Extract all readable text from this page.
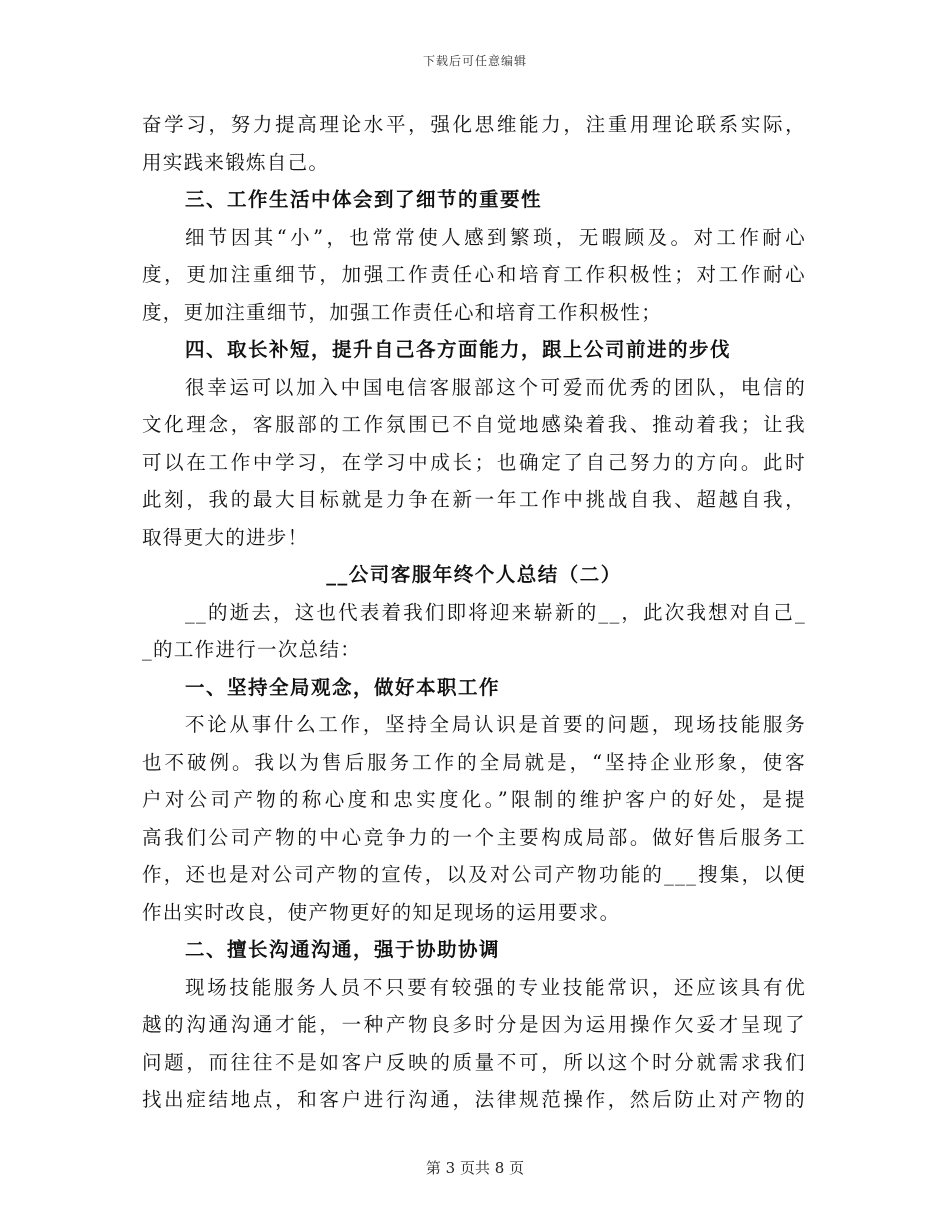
下载后可任意编辑
奋学习，努力提高理论水平，强化思维能力，注重用理论联系实际，
用实践来锻炼自己。
三、工作生活中体会到了细节的重要性
细节因其“小”，也常常使人感到繁琐，无暇顾及。对工作耐心
度，更加注重细节，加强工作责任心和培育工作积极性；对工作耐心
度，更加注重细节，加强工作责任心和培育工作积极性；
四、取长补短，提升自己各方面能力，跟上公司前进的步伐
很幸运可以加入中国电信客服部这个可爱而优秀的团队，电信的
文化理念，客服部的工作氛围已不自觉地感染着我、推动着我；让我
可以在工作中学习，在学习中成长；也确定了自己努力的方向。此时
此刻，我的最大目标就是力争在新一年工作中挑战自我、超越自我，
取得更大的进步！
__公司客服年终个人总结（二）
__的逝去，这也代表着我们即将迎来崭新的__，此次我想对自己_
_的工作进行一次总结：
一、坚持全局观念，做好本职工作
不论从事什么工作，坚持全局认识是首要的问题，现场技能服务
也不破例。我以为售后服务工作的全局就是，“坚持企业形象，使客
户对公司产物的称心度和忠实度化。”限制的维护客户的好处，是提
高我们公司产物的中心竞争力的一个主要构成局部。做好售后服务工
作，还也是对公司产物的宣传，以及对公司产物功能的___搜集，以便
作出实时改良，使产物更好的知足现场的运用要求。
二、擅长沟通沟通，强于协助协调
现场技能服务人员不只要有较强的专业技能常识，还应该具有优
越的沟通沟通才能，一种产物良多时分是因为运用操作欠妥才呈现了
问题，而往往不是如客户反映的质量不可，所以这个时分就需求我们
找出症结地点，和客户进行沟通，法律规范操作，然后防止对产物的
第 3 页共 8 页
